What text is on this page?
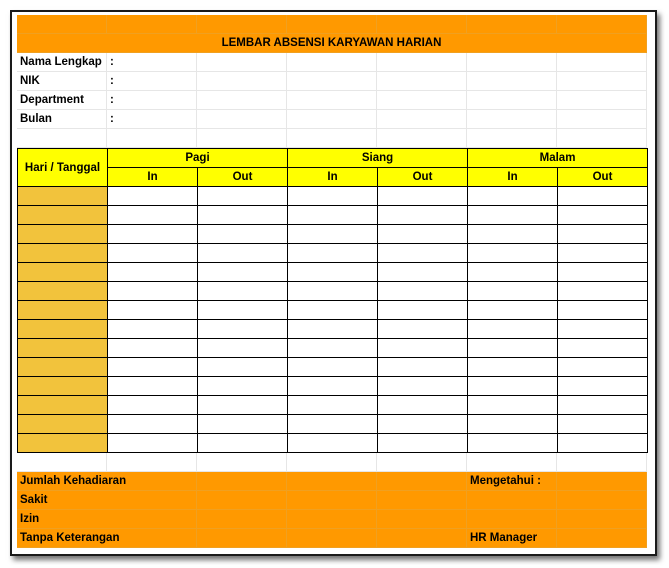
LEMBAR ABSENSI KARYAWAN HARIAN
Nama Lengkap :
NIK	:
Department	:
Bulan	:
Hari / Tanggal	Pagi		Siang		Malam	
	In	Out	In	Out	In	Out

Jumlah Kehadiaran	Mengetahui :
Sakit
Izin
Tanpa Keterangan	HR Manager
